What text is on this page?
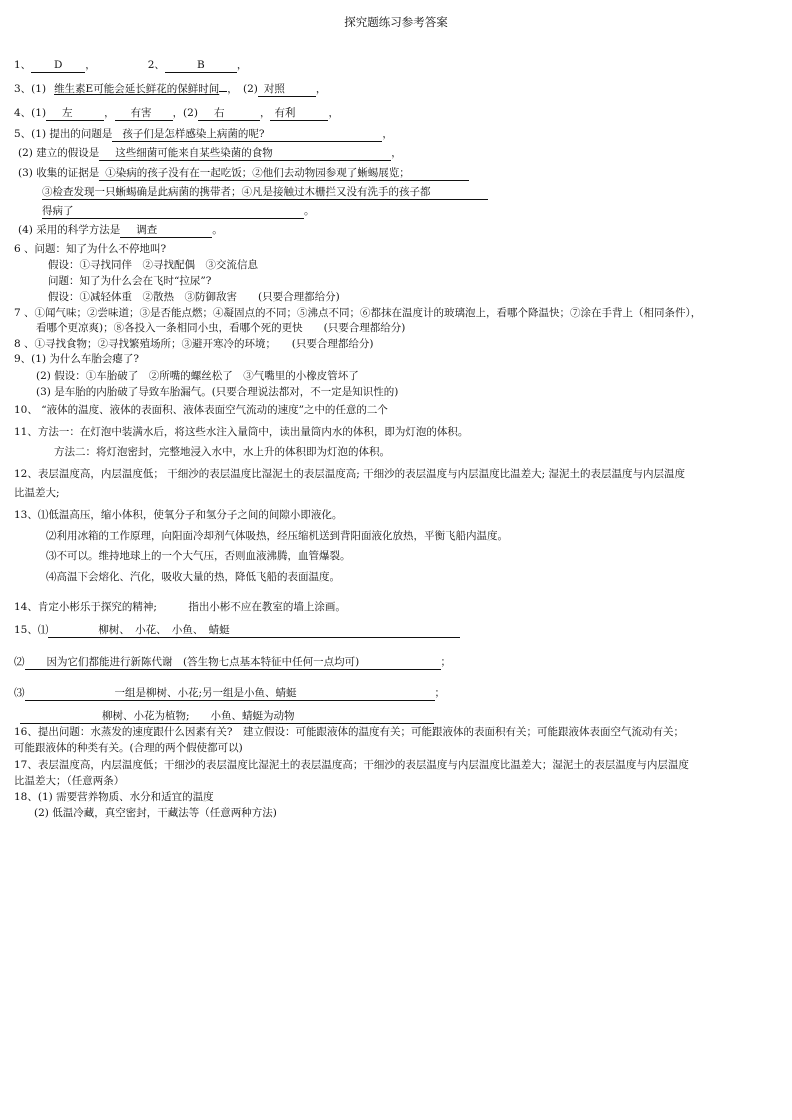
探究题练习参考答案
1、 D ，	2、	B	，
3、(1) 维生素E可能会延长鲜花的保鲜时间 ，　(2) 对照	，
4、(1) 左	， 有害 ，(2) 右	， 有利	，
5、(1) 提出的问题是 孩子们是怎样感染上病菌的呢?	，
(2) 建立的假设是 这些细菌可能来自某些染菌的食物	，
(3) 收集的证据是 ①染病的孩子没有在一起吃饭；②他们去动物园参观了蜥蜴展览；
③检查发现一只蜥蜴确是此病菌的携带者；④凡是接触过木栅拦又没有洗手的孩子都
得病了	。
(4) 采用的科学方法是 调查	。
6 、问题：知了为什么不停地叫?
假设：①寻找同伴　②寻找配偶　③交流信息
问题：知了为什么会在飞时“拉尿”?
假设：①减轻体重　②散热　③防御敌害　　(只要合理都给分)
7 、①闻气味；②尝味道；③是否能点燃；④凝固点的不同；⑤沸点不同；⑥都抹在温度计的玻璃泡上，看哪个降温快；⑦涂在手背上（相同条件），
看哪个更凉爽)；⑧各投入一条相同小虫，看哪个死的更快　　(只要合理都给分)
8 、①寻找食物；②寻找繁殖场所；③避开寒冷的环境；　　(只要合理都给分)
9、(1) 为什么车胎会瘪了?
(2) 假设：①车胎破了　②所嘴的螺丝松了　③气嘴里的小橡皮管坏了
(3) 是车胎的内胎破了导致车胎漏气。(只要合理说法都对，不一定是知识性的)
10、 “液体的温度、液体的表面积、液体表面空气流动的速度”之中的任意的二个
11、方法一：在灯泡中装满水后，将这些水注入量筒中，读出量筒内水的体积，即为灯泡的体积。
方法二：将灯泡密封，完整地浸入水中，水上升的体积即为灯泡的体积。
12、表层温度高，内层温度低； 干细沙的表层温度比湿泥土的表层温度高; 干细沙的表层温度与内层温度比温差大; 湿泥土的表层温度与内层温度
比温差大;
13、⑴低温高压，缩小体积，使氧分子和氢分子之间的间隙小即液化。
⑵利用冰箱的工作原理，向阳面冷却剂气体吸热，经压缩机送到背阳面液化放热，平衡飞船内温度。
⑶不可以。维持地球上的一个大气压，否则血液沸腾，血管爆裂。
⑷高温下会熔化、汽化，吸收大量的热，降低飞船的表面温度。
14、肯定小彬乐于探究的精神;　　　指出小彬不应在教室的墙上涂画。
15、⑴	柳树、　小花、　小鱼、　蜻蜓
⑵ 因为它们都能进行新陈代谢　(答生物七点基本特征中任何一点均可)	；
⑶	一组是柳树、小花;另一组是小鱼、蜻蜓	；
柳树、小花为植物;　　小鱼、蜻蜓为动物
16、提出问题：水蒸发的速度跟什么因素有关?　建立假设：可能跟液体的温度有关；可能跟液体的表面积有关；可能跟液体表面空气流动有关；
可能跟液体的种类有关。(合理的两个假使都可以)
17、表层温度高，内层温度低；干细沙的表层温度比湿泥土的表层温度高；干细沙的表层温度与内层温度比温差大；湿泥土的表层温度与内层温度
比温差大；（任意两条）
18、(1) 需要营养物质、水分和适宜的温度
(2) 低温冷藏，真空密封，干藏法等（任意两种方法)
